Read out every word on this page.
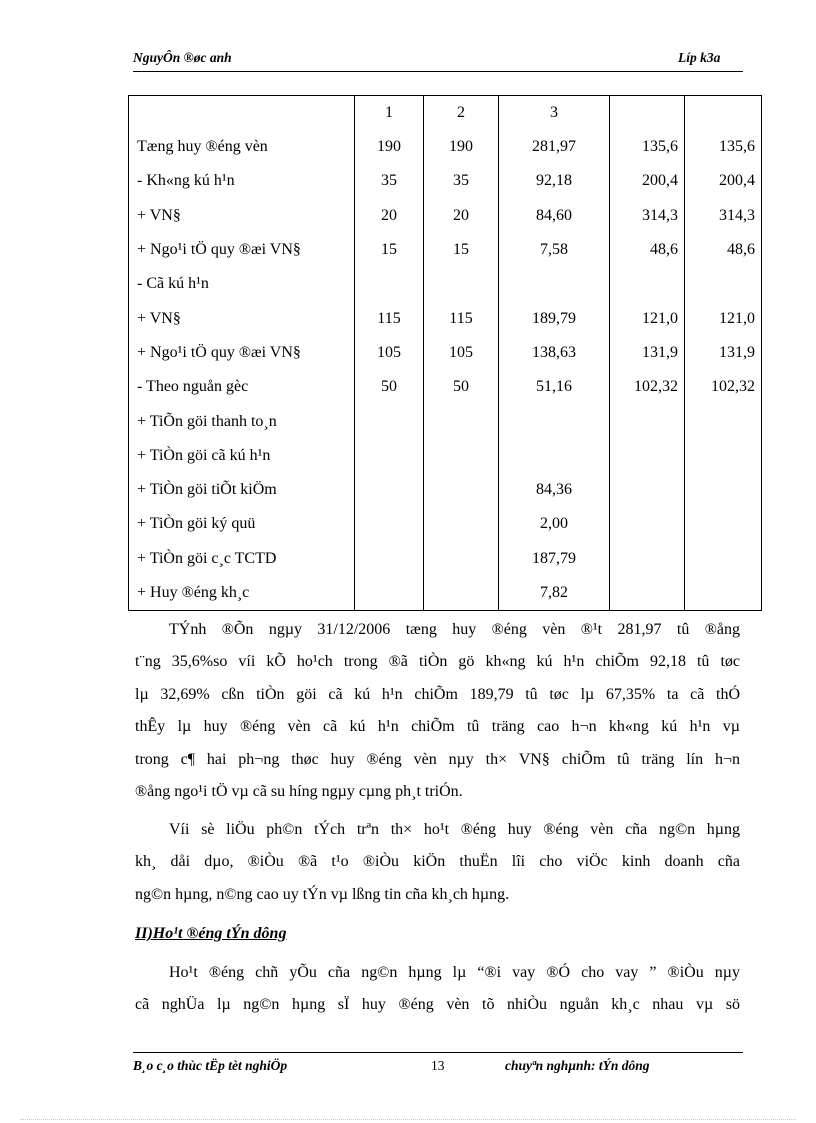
NguyÔn ®øc anh	Líp k3a
	1	2	3		
Tæng huy ®éng vèn	190	190	281,97	135,6	135,6
- Kh«ng kú h¹n	35	35	92,18	200,4	200,4
+ VN§	20	20	84,60	314,3	314,3
+ Ngo¹i tÖ quy ®æi VN§	15	15	7,58	48,6	48,6
- Cã kú h¹n					
+ VN§	115	115	189,79	121,0	121,0
+ Ngo¹i tÖ quy ®æi VN§	105	105	138,63	131,9	131,9
- Theo nguån gèc	50	50	51,16	102,32	102,32
+ TiÕn göi thanh to¸n					
+ TiÒn göi cã kú h¹n					
+ TiÒn göi tiÕt kiÖm			84,36		
+ TiÒn göi ký quü			2,00		
+ TiÒn göi c¸c TCTD			187,79		
+ Huy ®éng kh¸c			7,82		
TÝnh ®Õn ngµy 31/12/2006 tæng huy ®éng vèn ®¹t 281,97 tû ®ång
t¨ng 35,6%so víi kÕ ho¹ch trong ®ã tiÒn gö kh«ng kú h¹n chiÕm 92,18 tû tøc
lµ 32,69% cßn tiÒn göi cã kú h¹n chiÕm 189,79 tû tøc lµ 67,35% ta cã thÓ
thÊy lµ huy ®éng vèn cã kú h¹n chiÕm tû träng cao h¬n kh«ng kú h¹n vµ
trong c¶ hai ph¬ng thøc huy ®éng vèn nµy th× VN§ chiÕm tû träng lín h¬n
®ång ngo¹i tÖ vµ cã su híng ngµy cµng ph¸t triÓn.
Víi sè liÖu ph©n tÝch trªn th× ho¹t ®éng huy ®éng vèn cña ng©n hµng
kh¸ dåi dµo, ®iÒu ®ã t¹o ®iÒu kiÖn thuËn lîi cho viÖc kinh doanh cña
ng©n hµng, n©ng cao uy tÝn vµ lßng tin cña kh¸ch hµng.
II)Ho¹t ®éng tÝn dông
Ho¹t ®éng chñ yÕu cña ng©n hµng lµ “®i vay ®Ó cho vay ” ®iÒu nµy
cã nghÜa lµ ng©n hµng sÏ huy ®éng vèn tõ nhiÒu nguån kh¸c nhau vµ sö
B¸o c¸o thùc tËp tèt nghiÖp	13	chuyªn nghµnh: tÝn dông
